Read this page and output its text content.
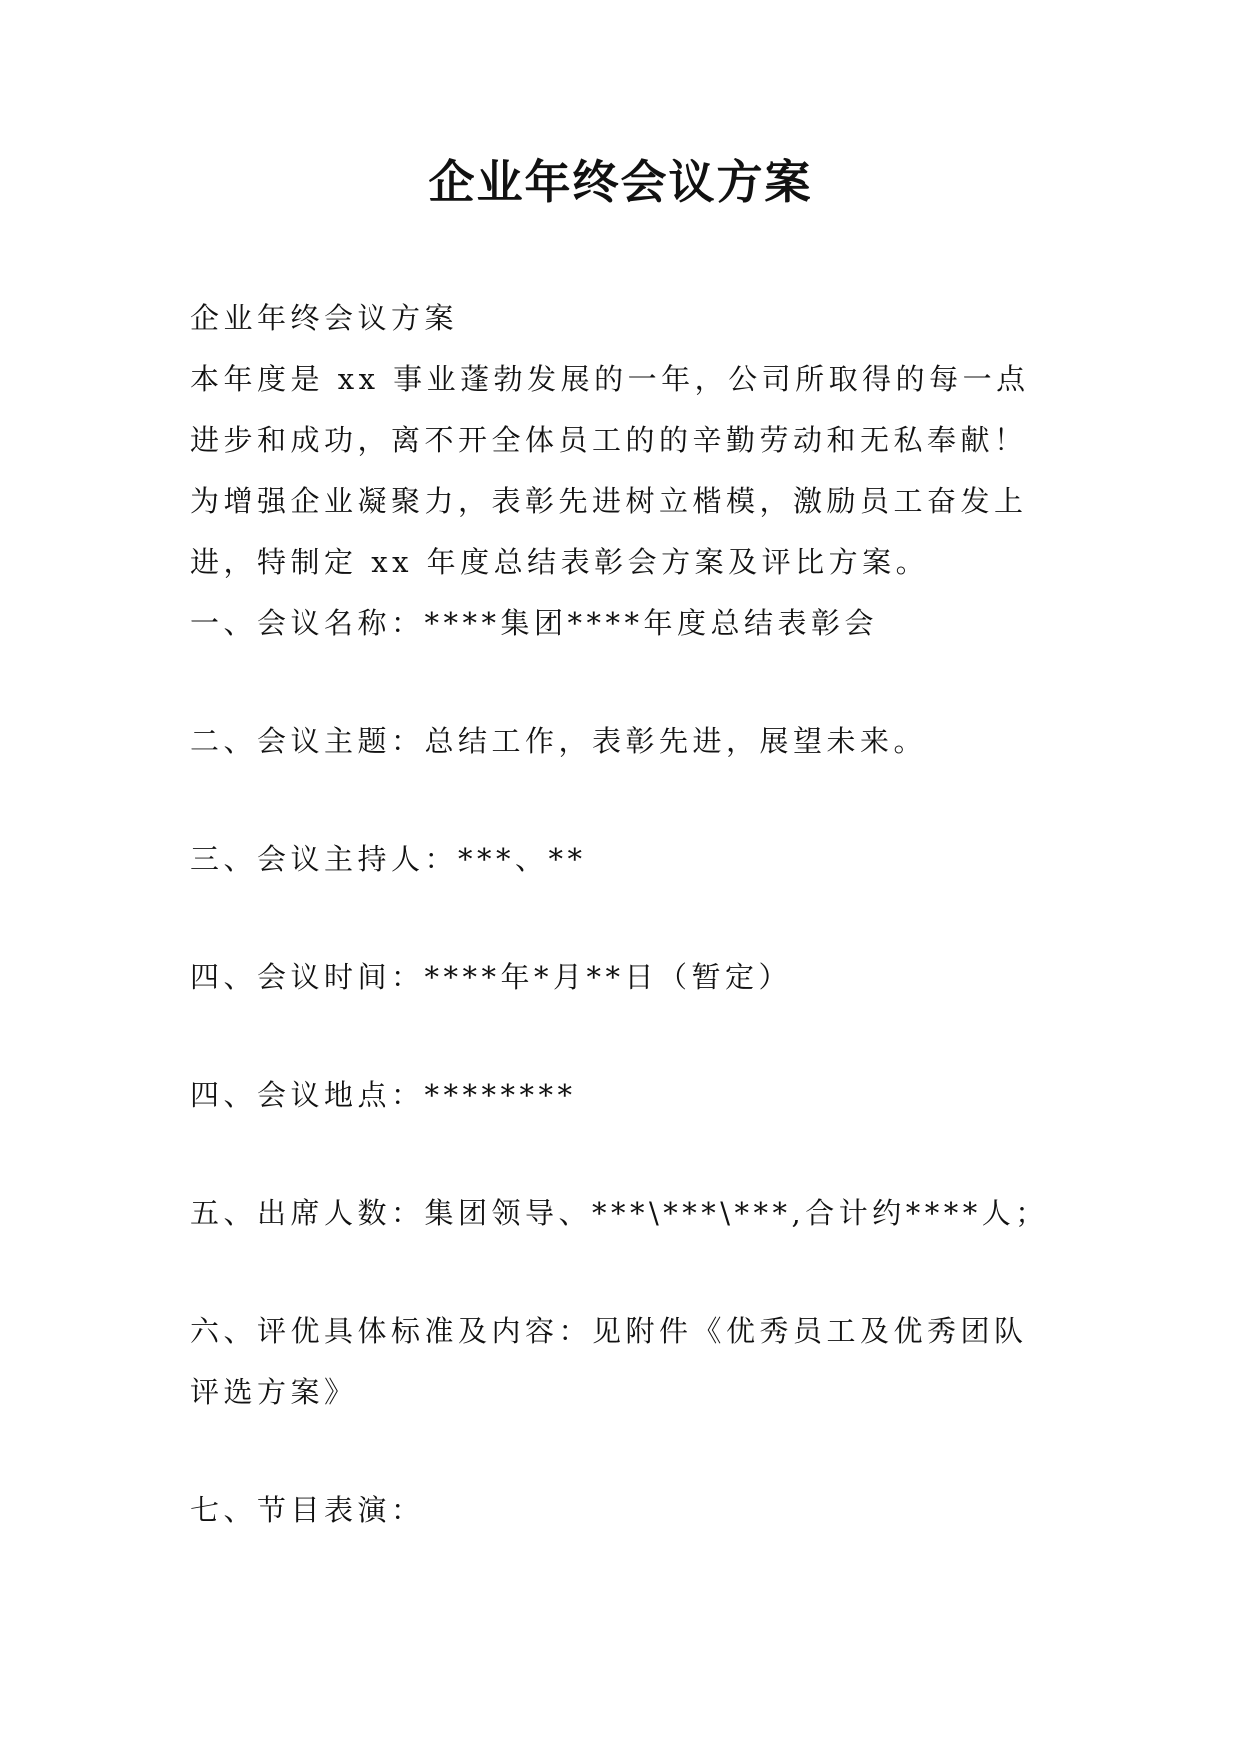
企业年终会议方案

企业年终会议方案

本年度是 xx 事业蓬勃发展的一年，公司所取得的每一点进步和成功，离不开全体员工的的辛勤劳动和无私奉献！为增强企业凝聚力，表彰先进树立楷模，激励员工奋发上进，特制定 xx 年度总结表彰会方案及评比方案。

一、会议名称：****集团****年度总结表彰会

二、会议主题：总结工作，表彰先进，展望未来。

三、会议主持人：***、**

四、会议时间：****年*月**日（暂定）

四、会议地点：********

五、出席人数：集团领导、***\***\***,合计约****人；

六、评优具体标准及内容：见附件《优秀员工及优秀团队评选方案》

七、节目表演：
